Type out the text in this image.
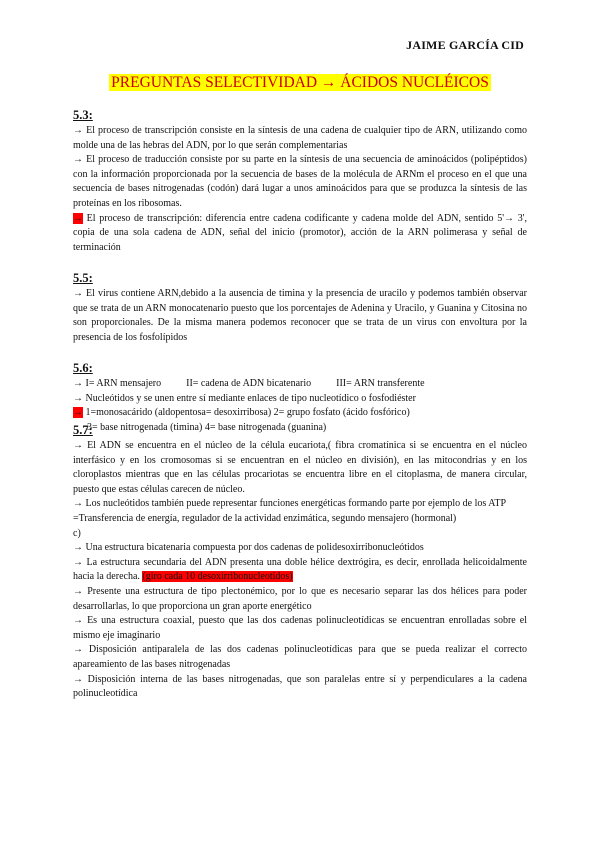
JAIME GARCÍA CID
PREGUNTAS SELECTIVIDAD → ÁCIDOS NUCLÉICOS
5.3:
→ El proceso de transcripción consiste en la síntesis de una cadena de cualquier tipo de ARN, utilizando como molde una de las hebras del ADN, por lo que serán complementarias
→ El proceso de traducción consiste por su parte en la síntesis de una secuencia de aminoácidos (polipéptidos) con la información proporcionada por la secuencia de bases de la molécula de ARNm el proceso en el que una secuencia de bases nitrogenadas (codón) dará lugar a unos aminoácidos para que se produzca la síntesis de las proteínas en los ribosomas.
→ El proceso de transcripción: diferencia entre cadena codificante y cadena molde del ADN, sentido 5'→ 3', copia de una sola cadena de ADN, señal del inicio (promotor), acción de la ARN polimerasa y señal de terminación
5.5:
→ El virus contiene ARN,debido a la ausencia de timina y la presencia de uracilo y podemos también observar que se trata de un ARN monocatenario puesto que los porcentajes de Adenina y Uracilo, y Guanina y Citosina no son proporcionales. De la misma manera podemos reconocer que se trata de un virus con envoltura por la presencia de los fosfolípidos
5.6:
→ I= ARN mensajero          II= cadena de ADN bicatenario          III= ARN transferente
→ Nucleótidos y se unen entre sí mediante enlaces de tipo nucleotídico o fosfodiéster
→ 1=monosacárido (aldopentosa= desoxirribosa) 2= grupo fosfato (ácido fosfórico)
3= base nitrogenada (timina) 4= base nitrogenada (guanina)
5.7:
→ El ADN se encuentra en el núcleo de la célula eucariota,( fibra cromatínica si se encuentra en el núcleo interfásico y en los cromosomas si se encuentran en el núcleo en división), en las mitocondrias y en los cloroplastos mientras que en las células procariotas se encuentra libre en el citoplasma, de manera circular, puesto que estas células carecen de núcleo.
→ Los nucleótidos también puede representar funciones energéticas formando parte por ejemplo de los ATP
=Transferencia de energía, regulador de la actividad enzimática, segundo mensajero (hormonal)
c)
→ Una estructura bicatenaria compuesta por dos cadenas de polidesoxirribonucleótidos
→ La estructura secundaria del ADN presenta una doble hélice dextrógira, es decir, enrollada helicoidalmente hacia la derecha. (giro cada 10 desoxirribonucleotidos)
→ Presente una estructura de tipo plectonémico, por lo que es necesario separar las dos hélices para poder desarrollarlas, lo que proporciona un gran aporte energético
→ Es una estructura coaxial, puesto que las dos cadenas polinucleotídicas se encuentran enrolladas sobre el mismo eje imaginario
→ Disposición antiparalela de las dos cadenas polinucleotídicas para que se pueda realizar el correcto apareamiento de las bases nitrogenadas
→ Disposición interna de las bases nitrogenadas, que son paralelas entre sí y perpendiculares a la cadena polinucleotídica
